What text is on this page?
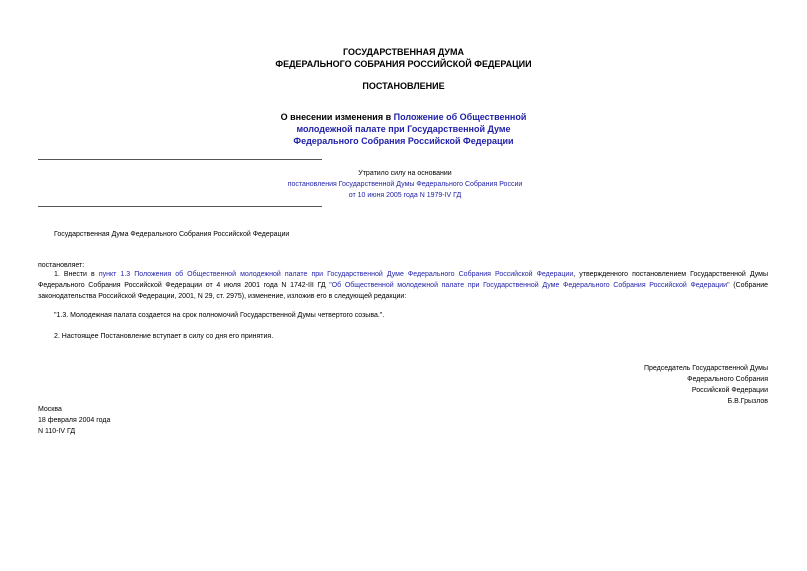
ГОСУДАРСТВЕННАЯ ДУМА
ФЕДЕРАЛЬНОГО СОБРАНИЯ РОССИЙСКОЙ ФЕДЕРАЦИИ
ПОСТАНОВЛЕНИЕ
О внесении изменения в Положение об Общественной
молодежной палате при Государственной Думе
Федерального Собрания Российской Федерации
Утратило силу на основании
постановления Государственной Думы Федерального Собрания России
от 10 июня 2005 года N 1979-IV ГД
Государственная Дума Федерального Собрания Российской Федерации
постановляет:
1. Внести в пункт 1.3 Положения об Общественной молодежной палате при Государственной Думе Федерального Собрания Российской Федерации, утвержденного постановлением Государственной Думы Федерального Собрания Российской Федерации от 4 июля 2001 года N 1742-III ГД "Об Общественной молодежной палате при Государственной Думе Федерального Собрания Российской Федерации" (Собрание законодательства Российской Федерации, 2001, N 29, ст. 2975), изменение, изложив его в следующей редакции:
"1.3. Молодежная палата создается на срок полномочий Государственной Думы четвертого созыва.".
2. Настоящее Постановление вступает в силу со дня его принятия.
Председатель Государственной Думы
Федерального Собрания
Российской Федерации
Б.В.Грызлов
Москва
18 февраля 2004 года
N 110-IV ГД
